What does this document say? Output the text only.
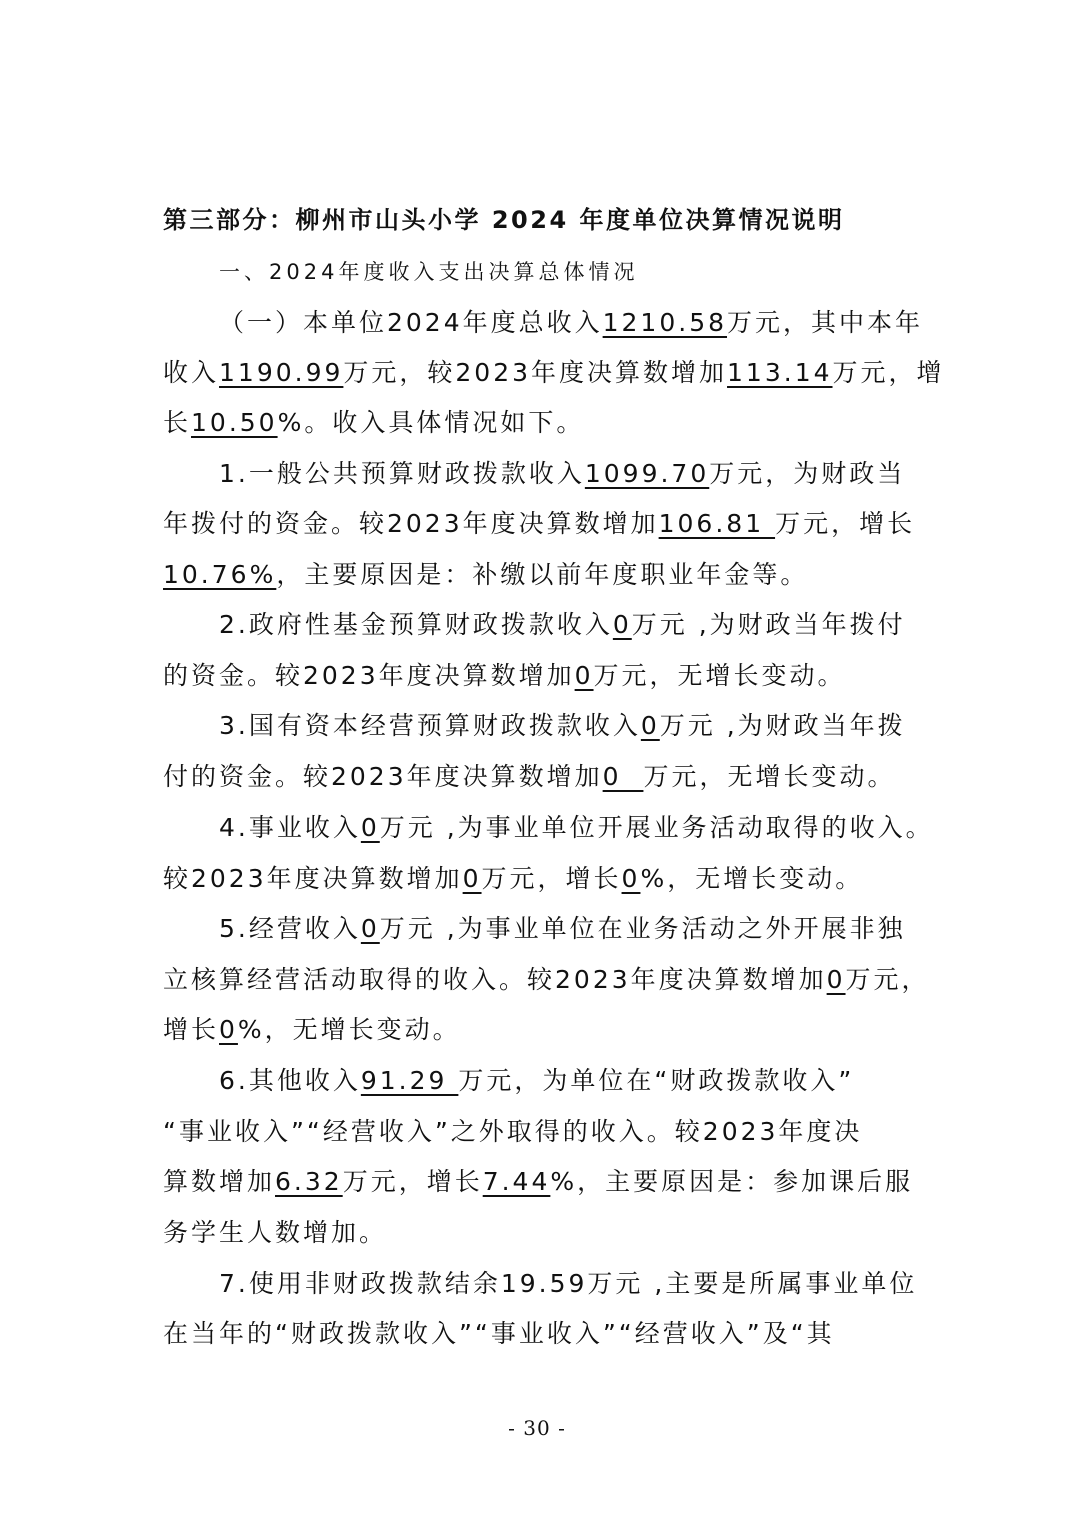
第三部分：柳州市山头小学 2024 年度单位决算情况说明
一、2024年度收入支出决算总体情况
（一）本单位2024年度总收入1210.58万元，其中本年
收入1190.99万元，较2023年度决算数增加113.14万元，增
长10.50%。收入具体情况如下。
1.一般公共预算财政拨款收入1099.70万元，为财政当
年拨付的资金。较2023年度决算数增加106.81 万元，增长
10.76%，主要原因是：补缴以前年度职业年金等。
2.政府性基金预算财政拨款收入0万元 ,为财政当年拨付
的资金。较2023年度决算数增加0万元，无增长变动。
3.国有资本经营预算财政拨款收入0万元 ,为财政当年拨
付的资金。较2023年度决算数增加0  万元，无增长变动。
4.事业收入0万元 ,为事业单位开展业务活动取得的收入。
较2023年度决算数增加0万元，增长0%，无增长变动。
5.经营收入0万元 ,为事业单位在业务活动之外开展非独
立核算经营活动取得的收入。较2023年度决算数增加0万元，
增长0%，无增长变动。
6.其他收入91.29 万元，为单位在“财政拨款收入”
“事业收入”“经营收入”之外取得的收入。较2023年度决
算数增加6.32万元，增长7.44%，主要原因是：参加课后服
务学生人数增加。
7.使用非财政拨款结余19.59万元 ,主要是所属事业单位
在当年的“财政拨款收入”“事业收入”“经营收入”及“其
- 30 -
